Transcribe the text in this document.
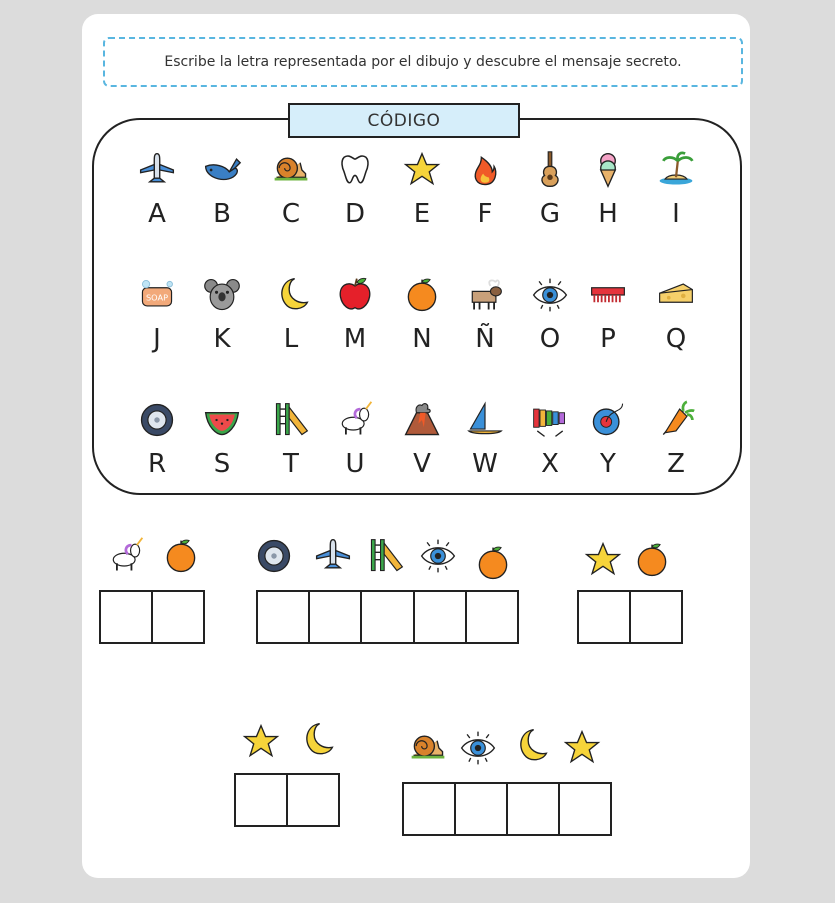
Escribe la letra representada por el dibujo y descubre el mensaje secreto.
CÓDIGO
A B C D E F G H I
SOAP
J K L M N Ñ O P Q
R S T U V W X Y Z
